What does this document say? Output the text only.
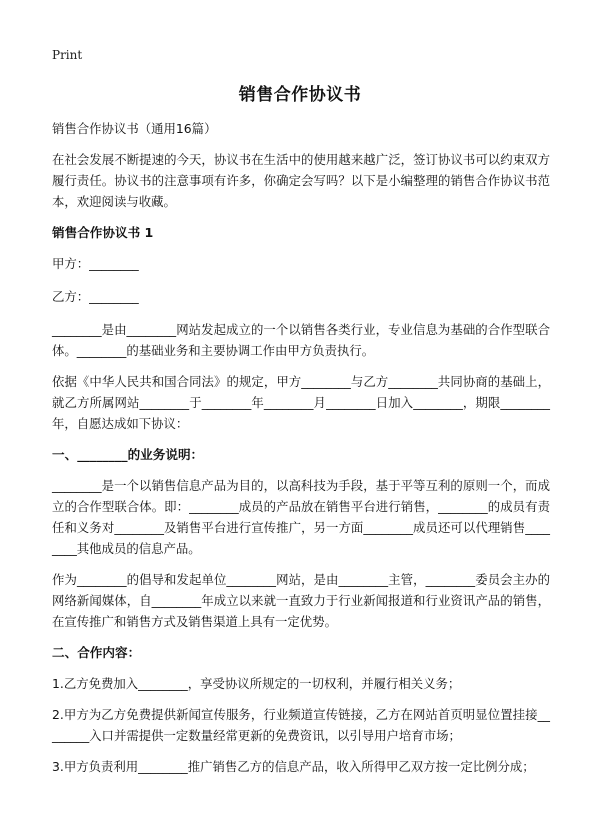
Print
销售合作协议书

销售合作协议书（通用16篇）

在社会发展不断提速的今天，协议书在生活中的使用越来越广泛，签订协议书可以约束双方履行责任。协议书的注意事项有许多，你确定会写吗？以下是小编整理的销售合作协议书范本，欢迎阅读与收藏。

销售合作协议书 1

甲方：________

乙方：________

________是由________网站发起成立的一个以销售各类行业，专业信息为基础的合作型联合体。________的基础业务和主要协调工作由甲方负责执行。

依据《中华人民共和国合同法》的规定，甲方________与乙方________共同协商的基础上，就乙方所属网站________于________年________月________日加入________，期限________年，自愿达成如下协议：

一、________的业务说明：

________是一个以销售信息产品为目的，以高科技为手段，基于平等互利的原则一个，而成立的合作型联合体。即：________成员的产品放在销售平台进行销售，________的成员有责任和义务对________及销售平台进行宣传推广，另一方面________成员还可以代理销售________其他成员的信息产品。

作为________的倡导和发起单位________网站，是由________主管，________委员会主办的网络新闻媒体，自________年成立以来就一直致力于行业新闻报道和行业资讯产品的销售，在宣传推广和销售方式及销售渠道上具有一定优势。

二、合作内容：

1.乙方免费加入________，享受协议所规定的一切权利，并履行相关义务；

2.甲方为乙方免费提供新闻宣传服务，行业频道宣传链接，乙方在网站首页明显位置挂接________入口并需提供一定数量经常更新的免费资讯，以引导用户培育市场；

3.甲方负责利用________推广销售乙方的信息产品，收入所得甲乙双方按一定比例分成；
